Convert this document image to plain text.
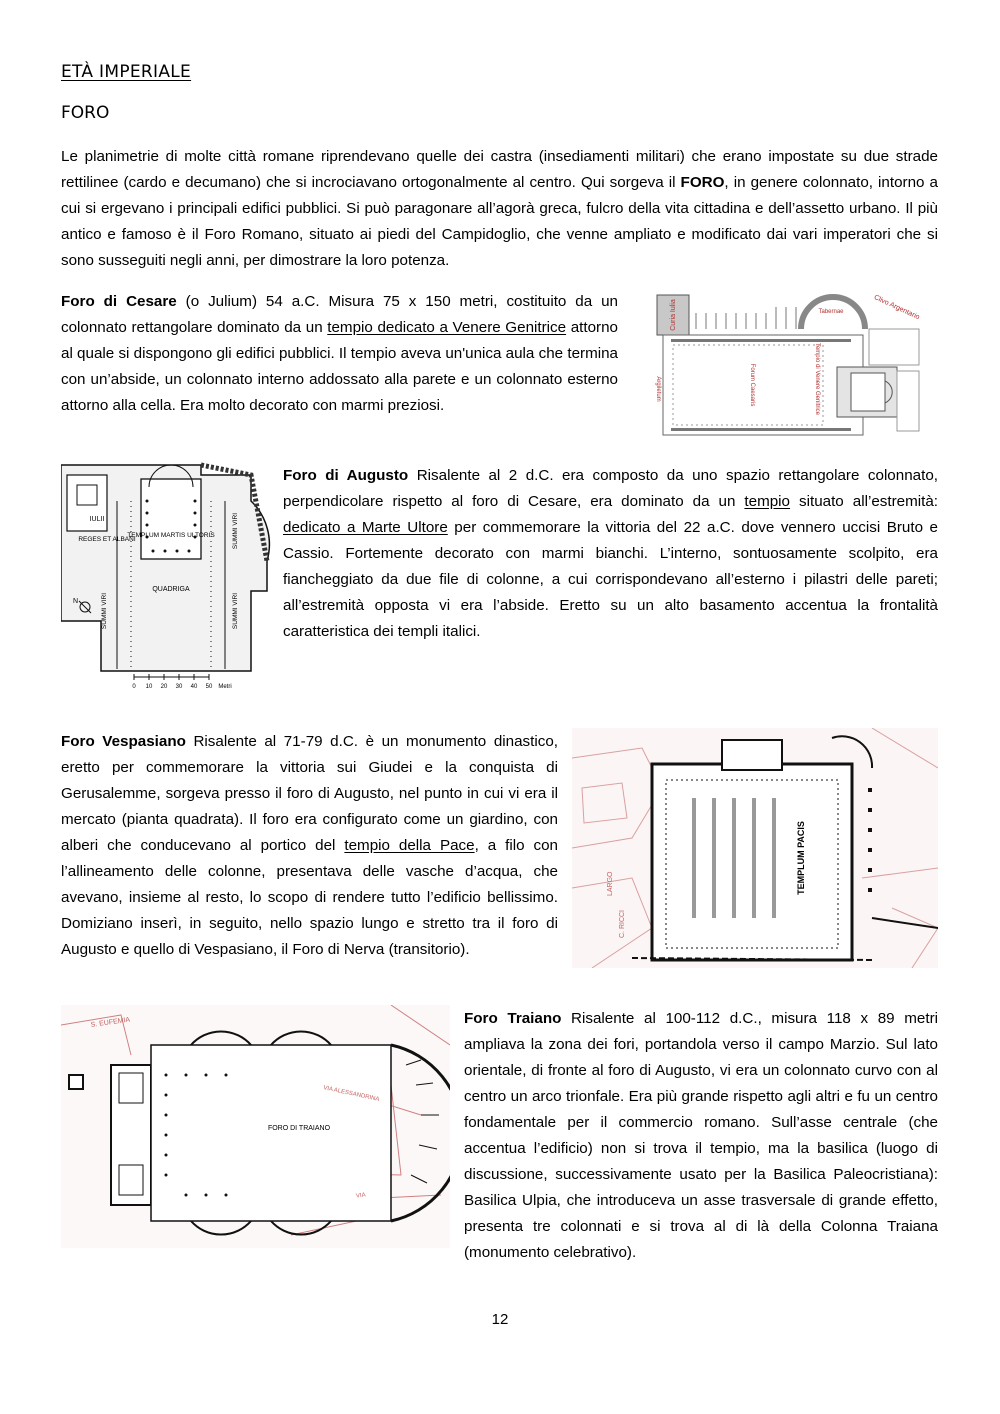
ETÀ IMPERIALE
FORO

Le planimetrie di molte città romane riprendevano quelle dei castra (insediamenti militari) che erano impostate su due strade rettilinee (cardo e decumano) che si incrociavano ortogonalmente al centro. Qui sorgeva il FORO, in genere colonnato, intorno a cui si ergevano i principali edifici pubblici. Si può paragonare all’agorà greca, fulcro della vita cittadina e dell’assetto urbano. Il più antico e famoso è il Foro Romano, situato ai piedi del Campidoglio, che venne ampliato e modificato dai vari imperatori che si sono susseguiti negli anni, per dimostrare la loro potenza.

Foro di Cesare (o Julium) 54 a.C. Misura 75 x 150 metri, costituito da un colonnato rettangolare dominato da un tempio dedicato a Venere Genitrice attorno al quale si dispongono gli edifici pubblici. Il tempio aveva un'unica aula che termina con un’abside, un colonnato interno addossato alla parete e un colonnato esterno attorno alla cella. Era molto decorato con marmi preziosi.

Curia Iulia	Tabernae	Clivo Argentario
Tempio di Venere Genitrice
Forum Caesaris
Argiletum
IULII
REGES ET ALBANI
TEMPLUM MARTIS ULTORIS
QUADRIGA
SUMMI VIRI
SUMMI VIRI
SUMMI VIRI
N
0 10 20 30 40 50 Metri

Foro di Augusto Risalente al 2 d.C. era composto da uno spazio rettangolare colonnato, perpendicolare rispetto al foro di Cesare, era dominato da un tempio situato all’estremità: dedicato a Marte Ultore per commemorare la vittoria del 22 a.C. dove vennero uccisi Bruto e Cassio. Fortemente decorato con marmi bianchi. L’interno, sontuosamente scolpito, era fiancheggiato da due file di colonne, a cui corrispondevano all’esterno i pilastri delle pareti; all’estremità opposta vi era l’abside. Eretto su un alto basamento accentua la frontalità caratteristica dei templi italici.

Foro Vespasiano Risalente al 71-79 d.C. è un monumento dinastico, eretto per commemorare la vittoria sui Giudei e la conquista di Gerusalemme, sorgeva presso il foro di Augusto, nel punto in cui vi era il mercato (pianta quadrata). Il foro era configurato come un giardino, con alberi che conducevano al portico del tempio della Pace, a filo con l’allineamento delle colonne, presentava delle vasche d’acqua, che avevano, insieme al resto, lo scopo di rendere tutto l’edificio bellissimo. Domiziano inserì, in seguito, nello spazio lungo e stretto tra il foro di Augusto e quello di Vespasiano, il Foro di Nerva (transitorio).

LARGO
C. RICCI
TEMPLUM PACIS
S. EUFEMIA
FORO DI TRAIANO
VIA ALESSANDRINA
VIA

Foro Traiano Risalente al 100-112 d.C., misura 118 x 89 metri ampliava la zona dei fori, portandola verso il campo Marzio. Sul lato orientale, di fronte al foro di Augusto, vi era un colonnato curvo con al centro un arco trionfale. Era più grande rispetto agli altri e fu un centro fondamentale per il commercio romano. Sull’asse centrale (che accentua l’edificio) non si trova il tempio, ma la basilica (luogo di discussione, successivamente usato per la Basilica Paleocristiana): Basilica Ulpia, che introduceva un asse trasversale di grande effetto, presenta tre colonnati e si trova al di là della Colonna Traiana (monumento celebrativo).

12
